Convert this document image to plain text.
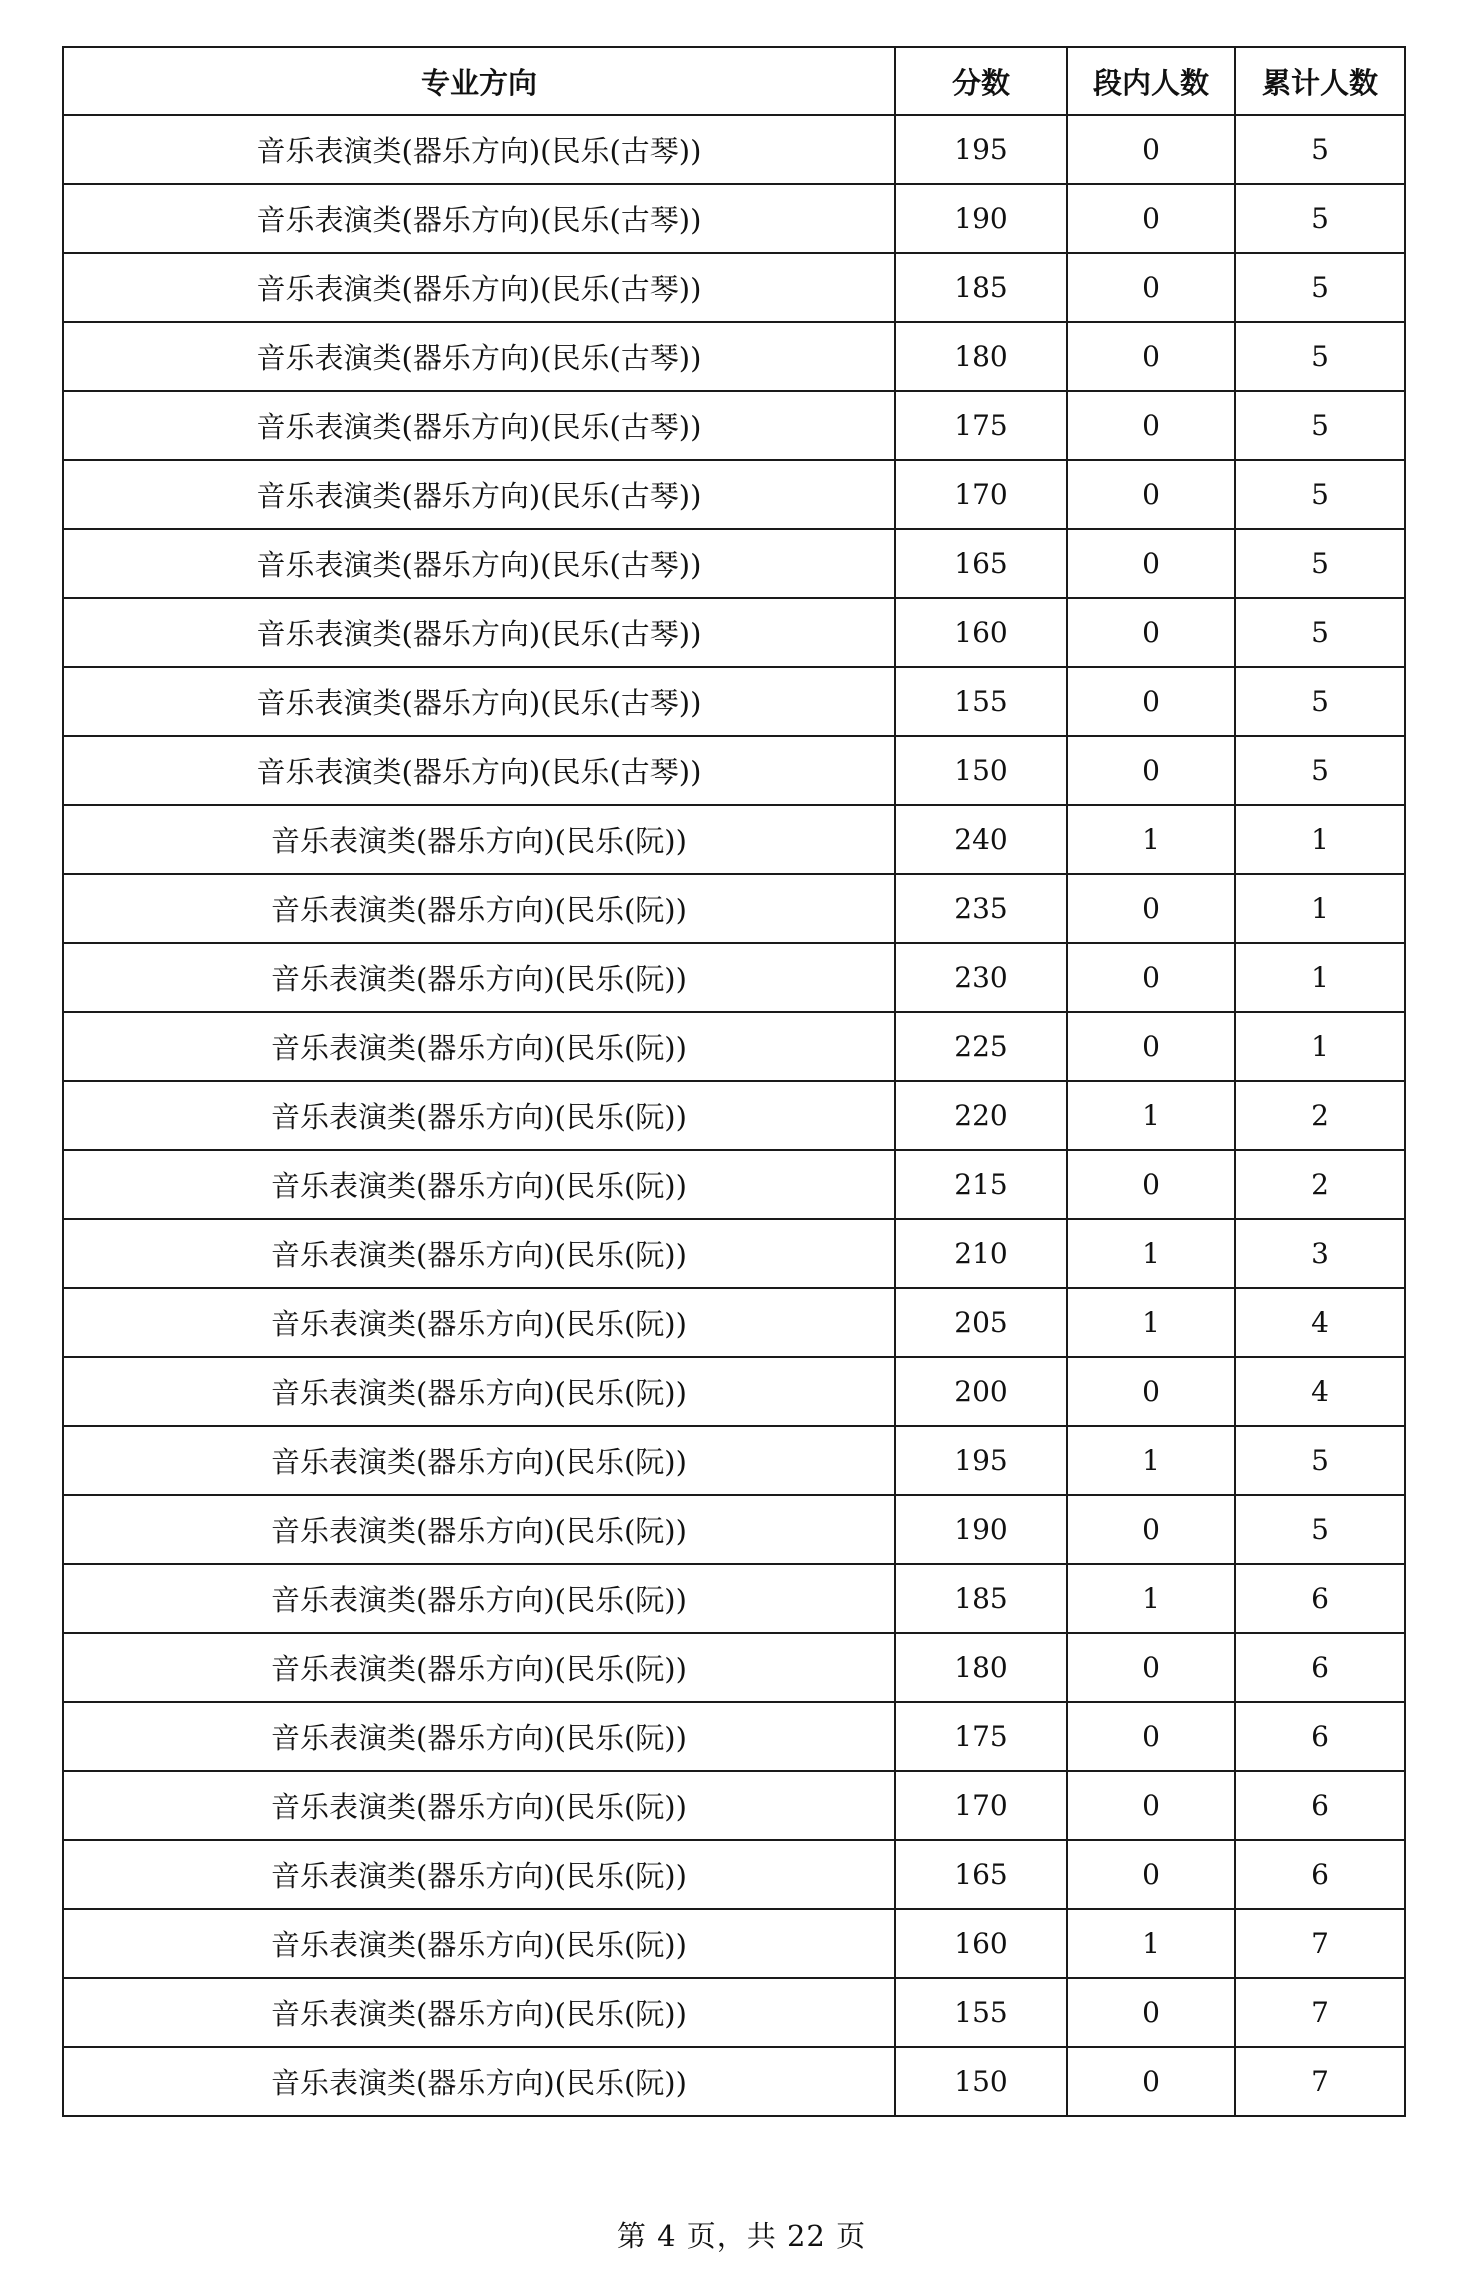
专业方向	分数	段内人数	累计人数
音乐表演类(器乐方向)(民乐(古琴))	195	0	5
音乐表演类(器乐方向)(民乐(古琴))	190	0	5
音乐表演类(器乐方向)(民乐(古琴))	185	0	5
音乐表演类(器乐方向)(民乐(古琴))	180	0	5
音乐表演类(器乐方向)(民乐(古琴))	175	0	5
音乐表演类(器乐方向)(民乐(古琴))	170	0	5
音乐表演类(器乐方向)(民乐(古琴))	165	0	5
音乐表演类(器乐方向)(民乐(古琴))	160	0	5
音乐表演类(器乐方向)(民乐(古琴))	155	0	5
音乐表演类(器乐方向)(民乐(古琴))	150	0	5
音乐表演类(器乐方向)(民乐(阮))	240	1	1
音乐表演类(器乐方向)(民乐(阮))	235	0	1
音乐表演类(器乐方向)(民乐(阮))	230	0	1
音乐表演类(器乐方向)(民乐(阮))	225	0	1
音乐表演类(器乐方向)(民乐(阮))	220	1	2
音乐表演类(器乐方向)(民乐(阮))	215	0	2
音乐表演类(器乐方向)(民乐(阮))	210	1	3
音乐表演类(器乐方向)(民乐(阮))	205	1	4
音乐表演类(器乐方向)(民乐(阮))	200	0	4
音乐表演类(器乐方向)(民乐(阮))	195	1	5
音乐表演类(器乐方向)(民乐(阮))	190	0	5
音乐表演类(器乐方向)(民乐(阮))	185	1	6
音乐表演类(器乐方向)(民乐(阮))	180	0	6
音乐表演类(器乐方向)(民乐(阮))	175	0	6
音乐表演类(器乐方向)(民乐(阮))	170	0	6
音乐表演类(器乐方向)(民乐(阮))	165	0	6
音乐表演类(器乐方向)(民乐(阮))	160	1	7
音乐表演类(器乐方向)(民乐(阮))	155	0	7
音乐表演类(器乐方向)(民乐(阮))	150	0	7
第 4 页，共 22 页
